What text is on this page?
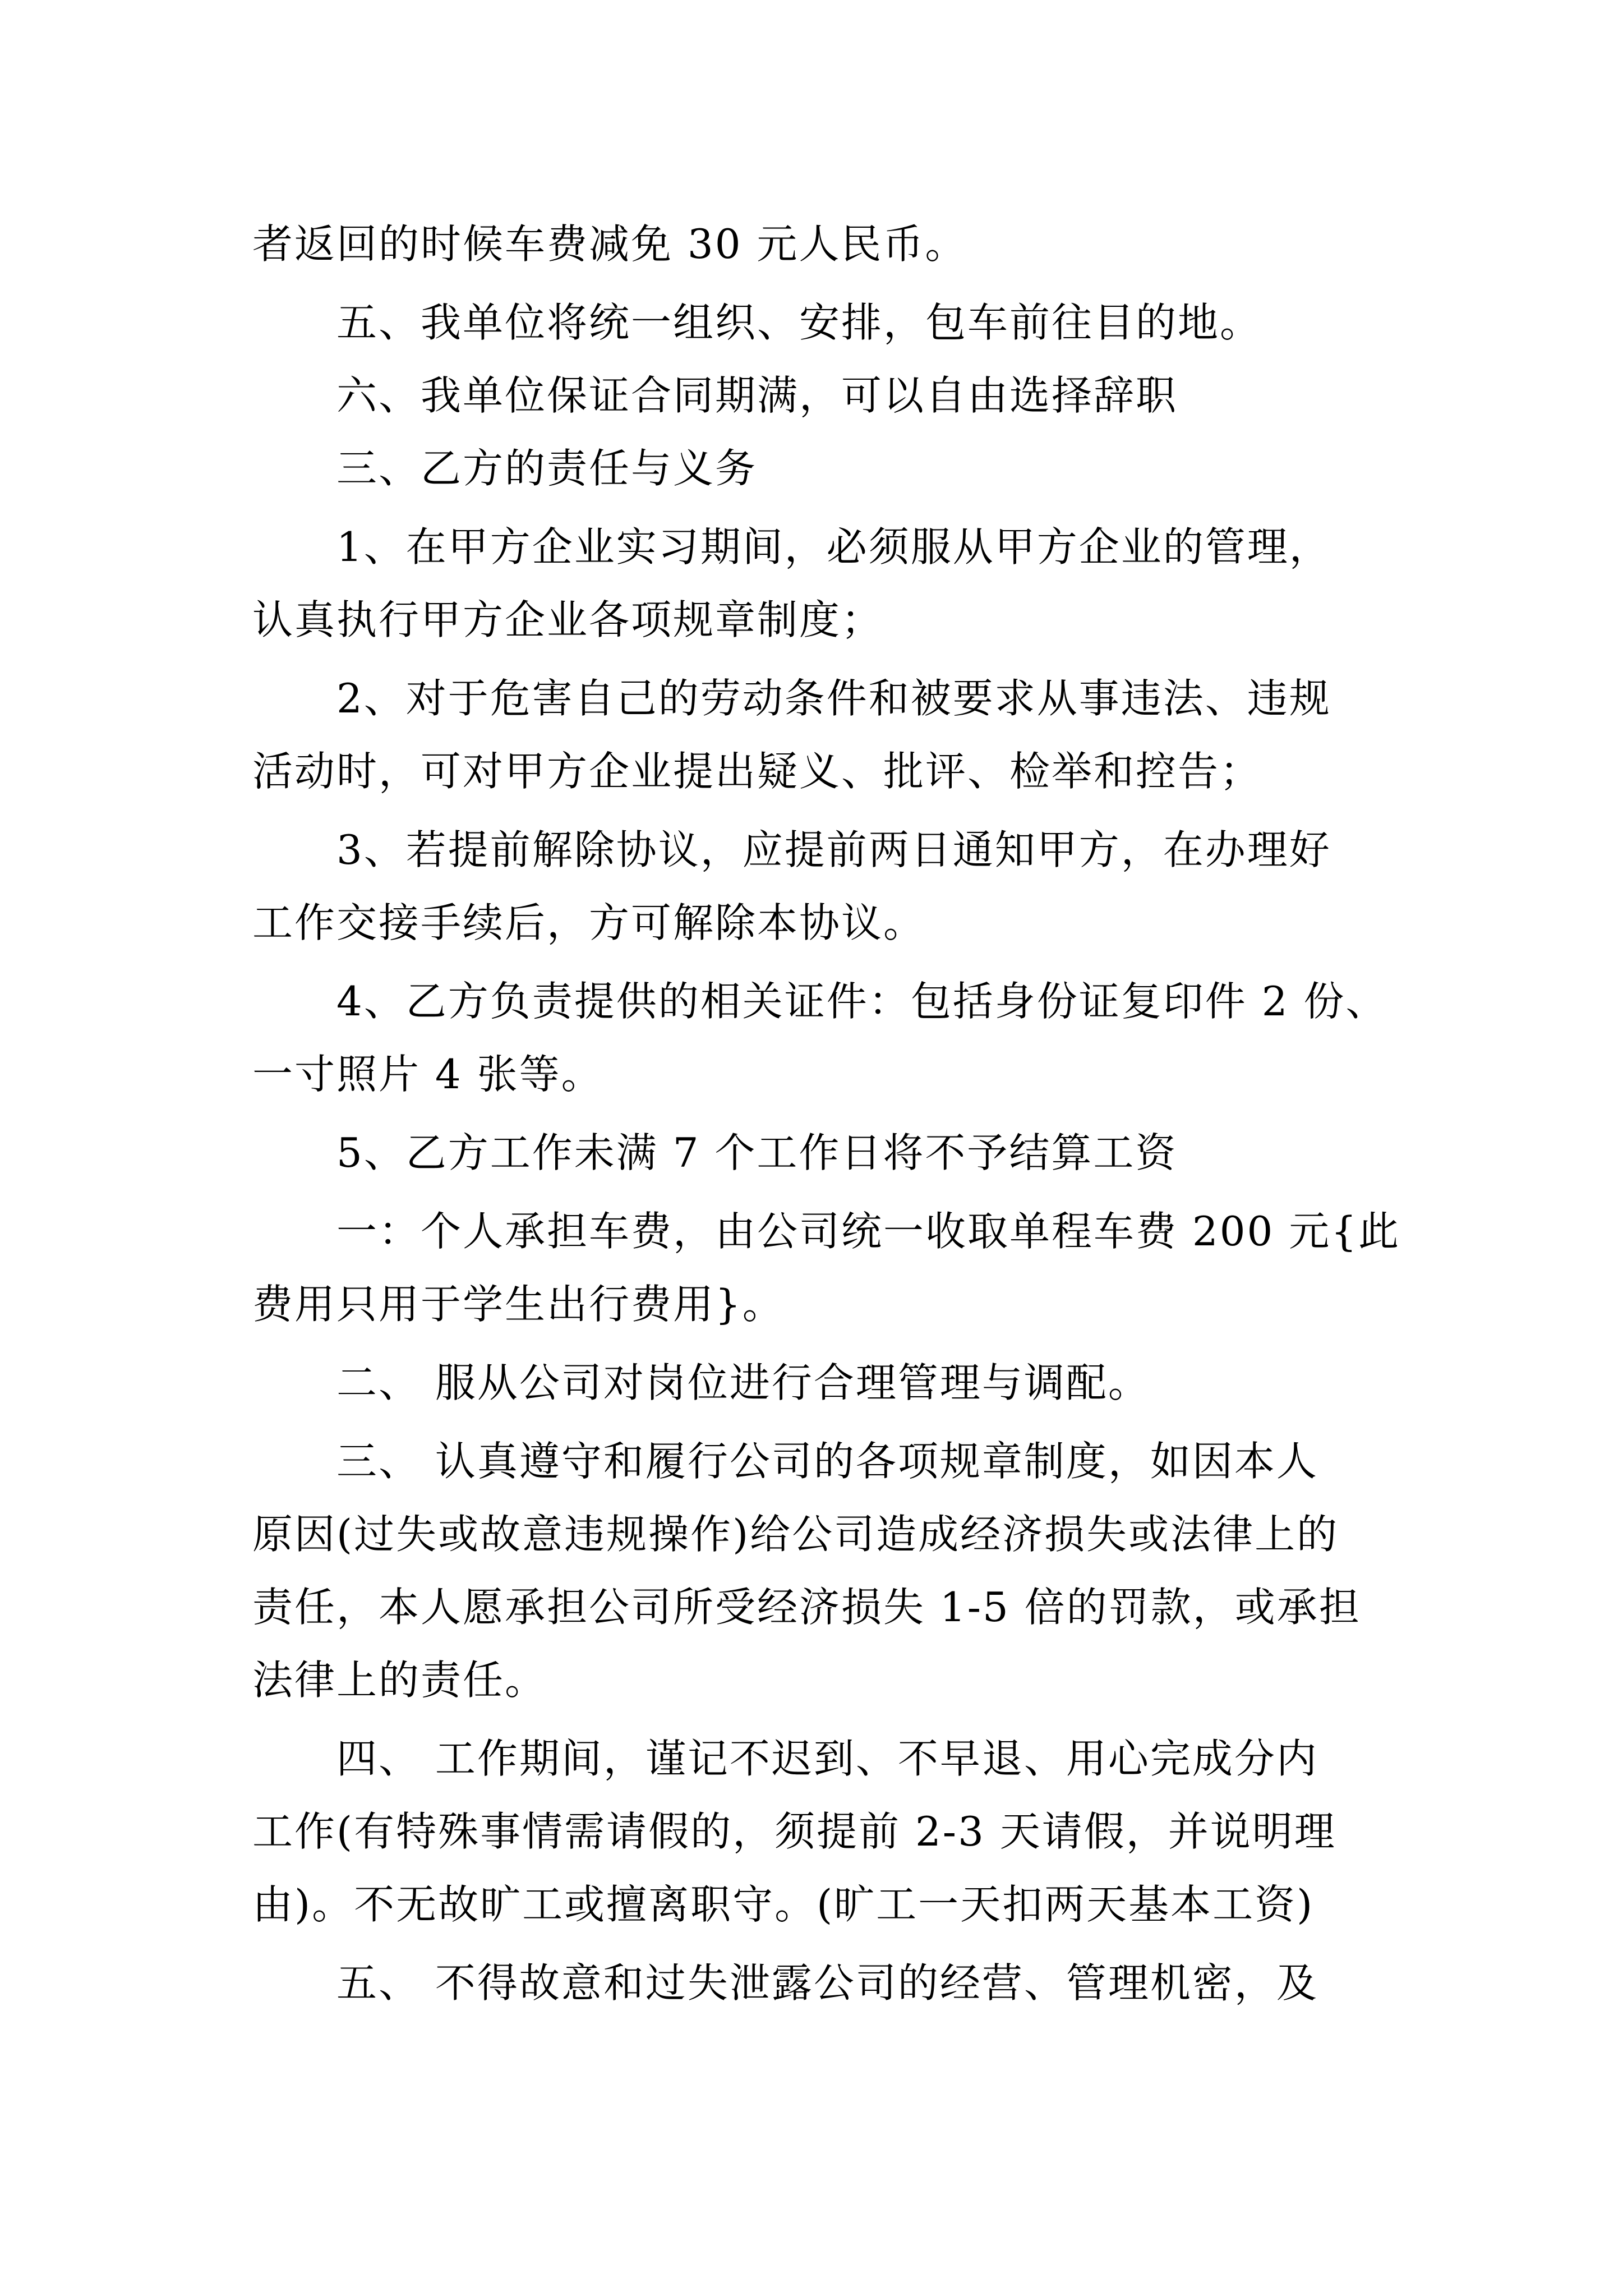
者返回的时候车费减免 30 元人民币。
五、我单位将统一组织、安排，包车前往目的地。
六、我单位保证合同期满，可以自由选择辞职
三、乙方的责任与义务
1、在甲方企业实习期间，必须服从甲方企业的管理，
认真执行甲方企业各项规章制度；
2、对于危害自己的劳动条件和被要求从事违法、违规
活动时，可对甲方企业提出疑义、批评、检举和控告；
3、若提前解除协议，应提前两日通知甲方，在办理好
工作交接手续后，方可解除本协议。
4、乙方负责提供的相关证件：包括身份证复印件 2 份、
一寸照片 4 张等。
5、乙方工作未满 7 个工作日将不予结算工资
一：个人承担车费，由公司统一收取单程车费 200 元{此
费用只用于学生出行费用}。
二、 服从公司对岗位进行合理管理与调配。
三、 认真遵守和履行公司的各项规章制度，如因本人
原因(过失或故意违规操作)给公司造成经济损失或法律上的
责任，本人愿承担公司所受经济损失 1-5 倍的罚款，或承担
法律上的责任。
四、 工作期间，谨记不迟到、不早退、用心完成分内
工作(有特殊事情需请假的，须提前 2-3 天请假，并说明理
由)。不无故旷工或擅离职守。(旷工一天扣两天基本工资)
五、 不得故意和过失泄露公司的经营、管理机密，及
